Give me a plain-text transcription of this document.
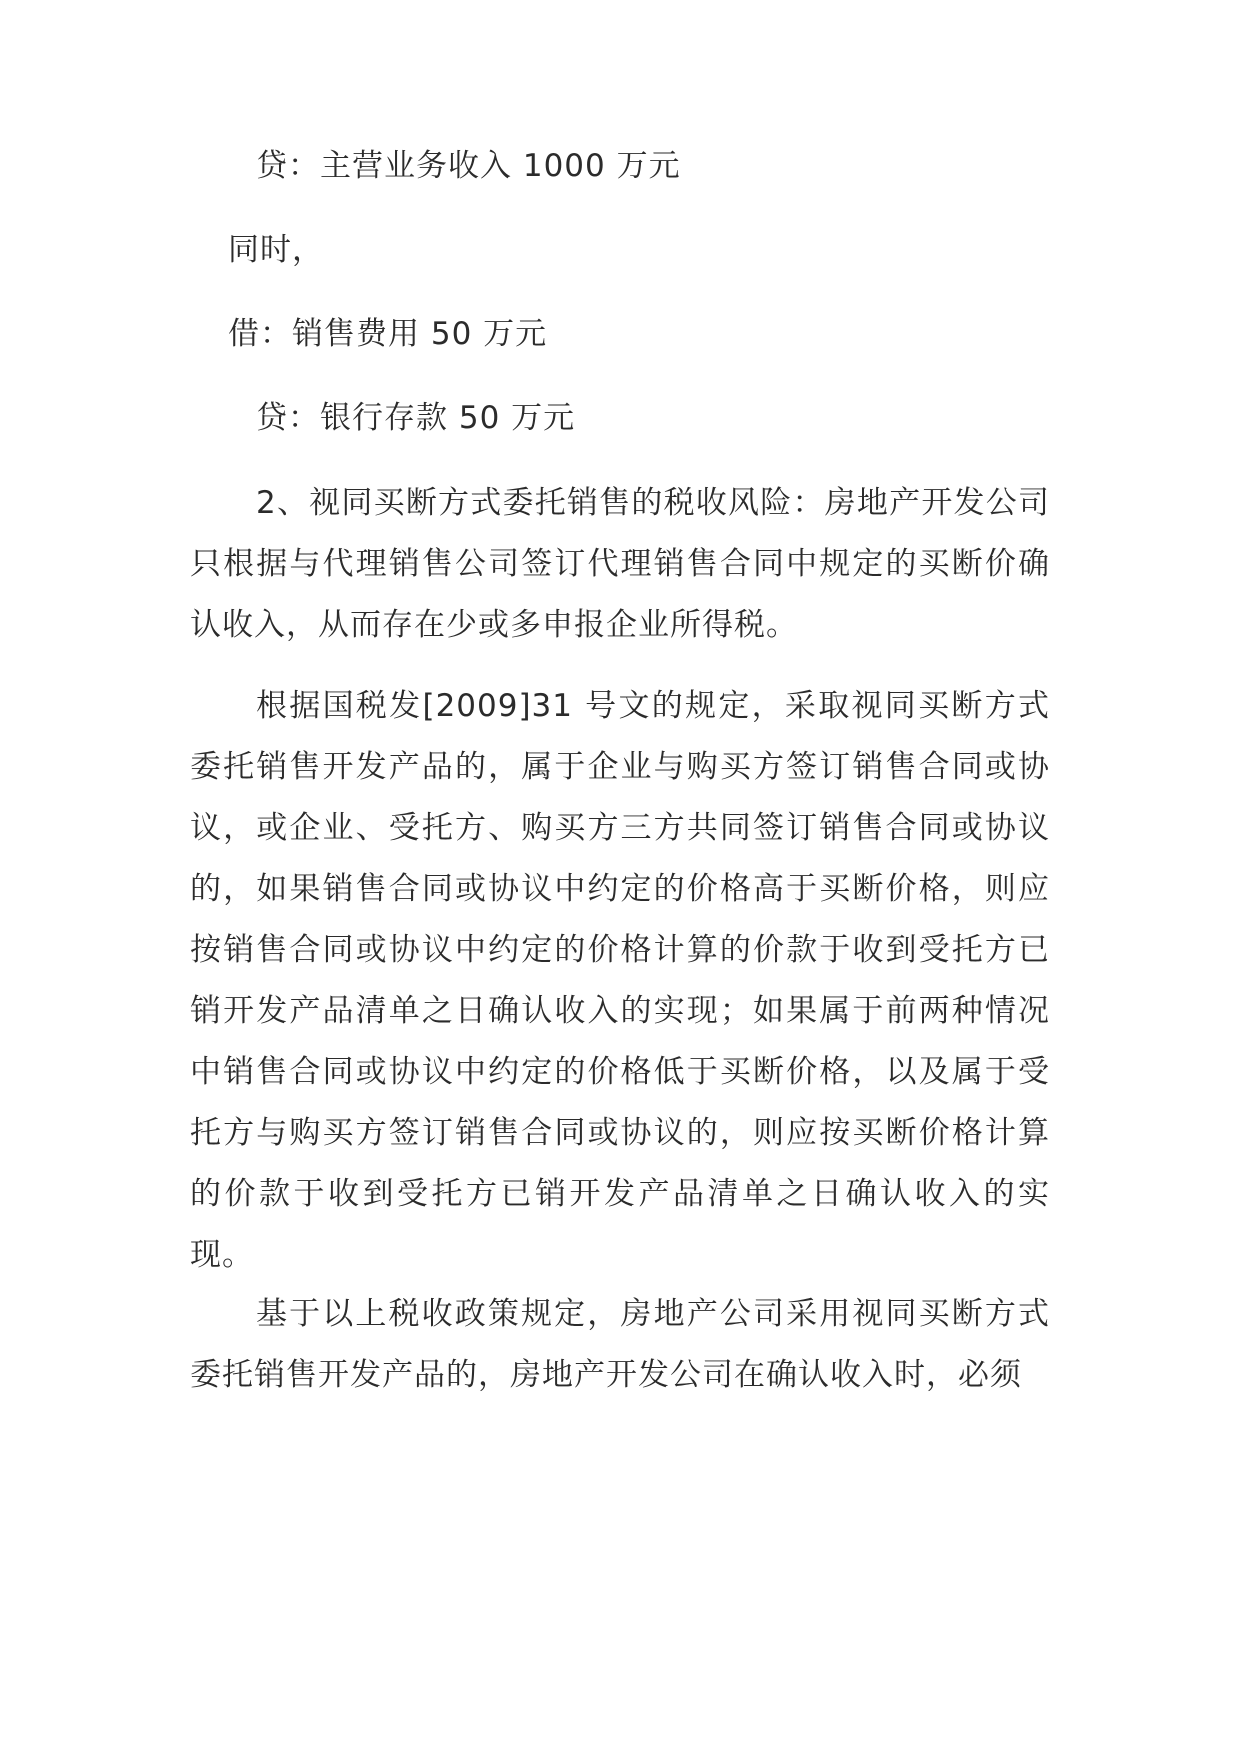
贷：主营业务收入 1000 万元
同时，
借：销售费用 50 万元
贷：银行存款 50 万元
2、视同买断方式委托销售的税收风险：房地产开发公司只根据与代理销售公司签订代理销售合同中规定的买断价确认收入，从而存在少或多申报企业所得税。
根据国税发[2009]31 号文的规定，采取视同买断方式委托销售开发产品的，属于企业与购买方签订销售合同或协议，或企业、受托方、购买方三方共同签订销售合同或协议的，如果销售合同或协议中约定的价格高于买断价格，则应按销售合同或协议中约定的价格计算的价款于收到受托方已销开发产品清单之日确认收入的实现；如果属于前两种情况中销售合同或协议中约定的价格低于买断价格，以及属于受托方与购买方签订销售合同或协议的，则应按买断价格计算的价款于收到受托方已销开发产品清单之日确认收入的实现。
基于以上税收政策规定，房地产公司采用视同买断方式委托销售开发产品的，房地产开发公司在确认收入时，必须
